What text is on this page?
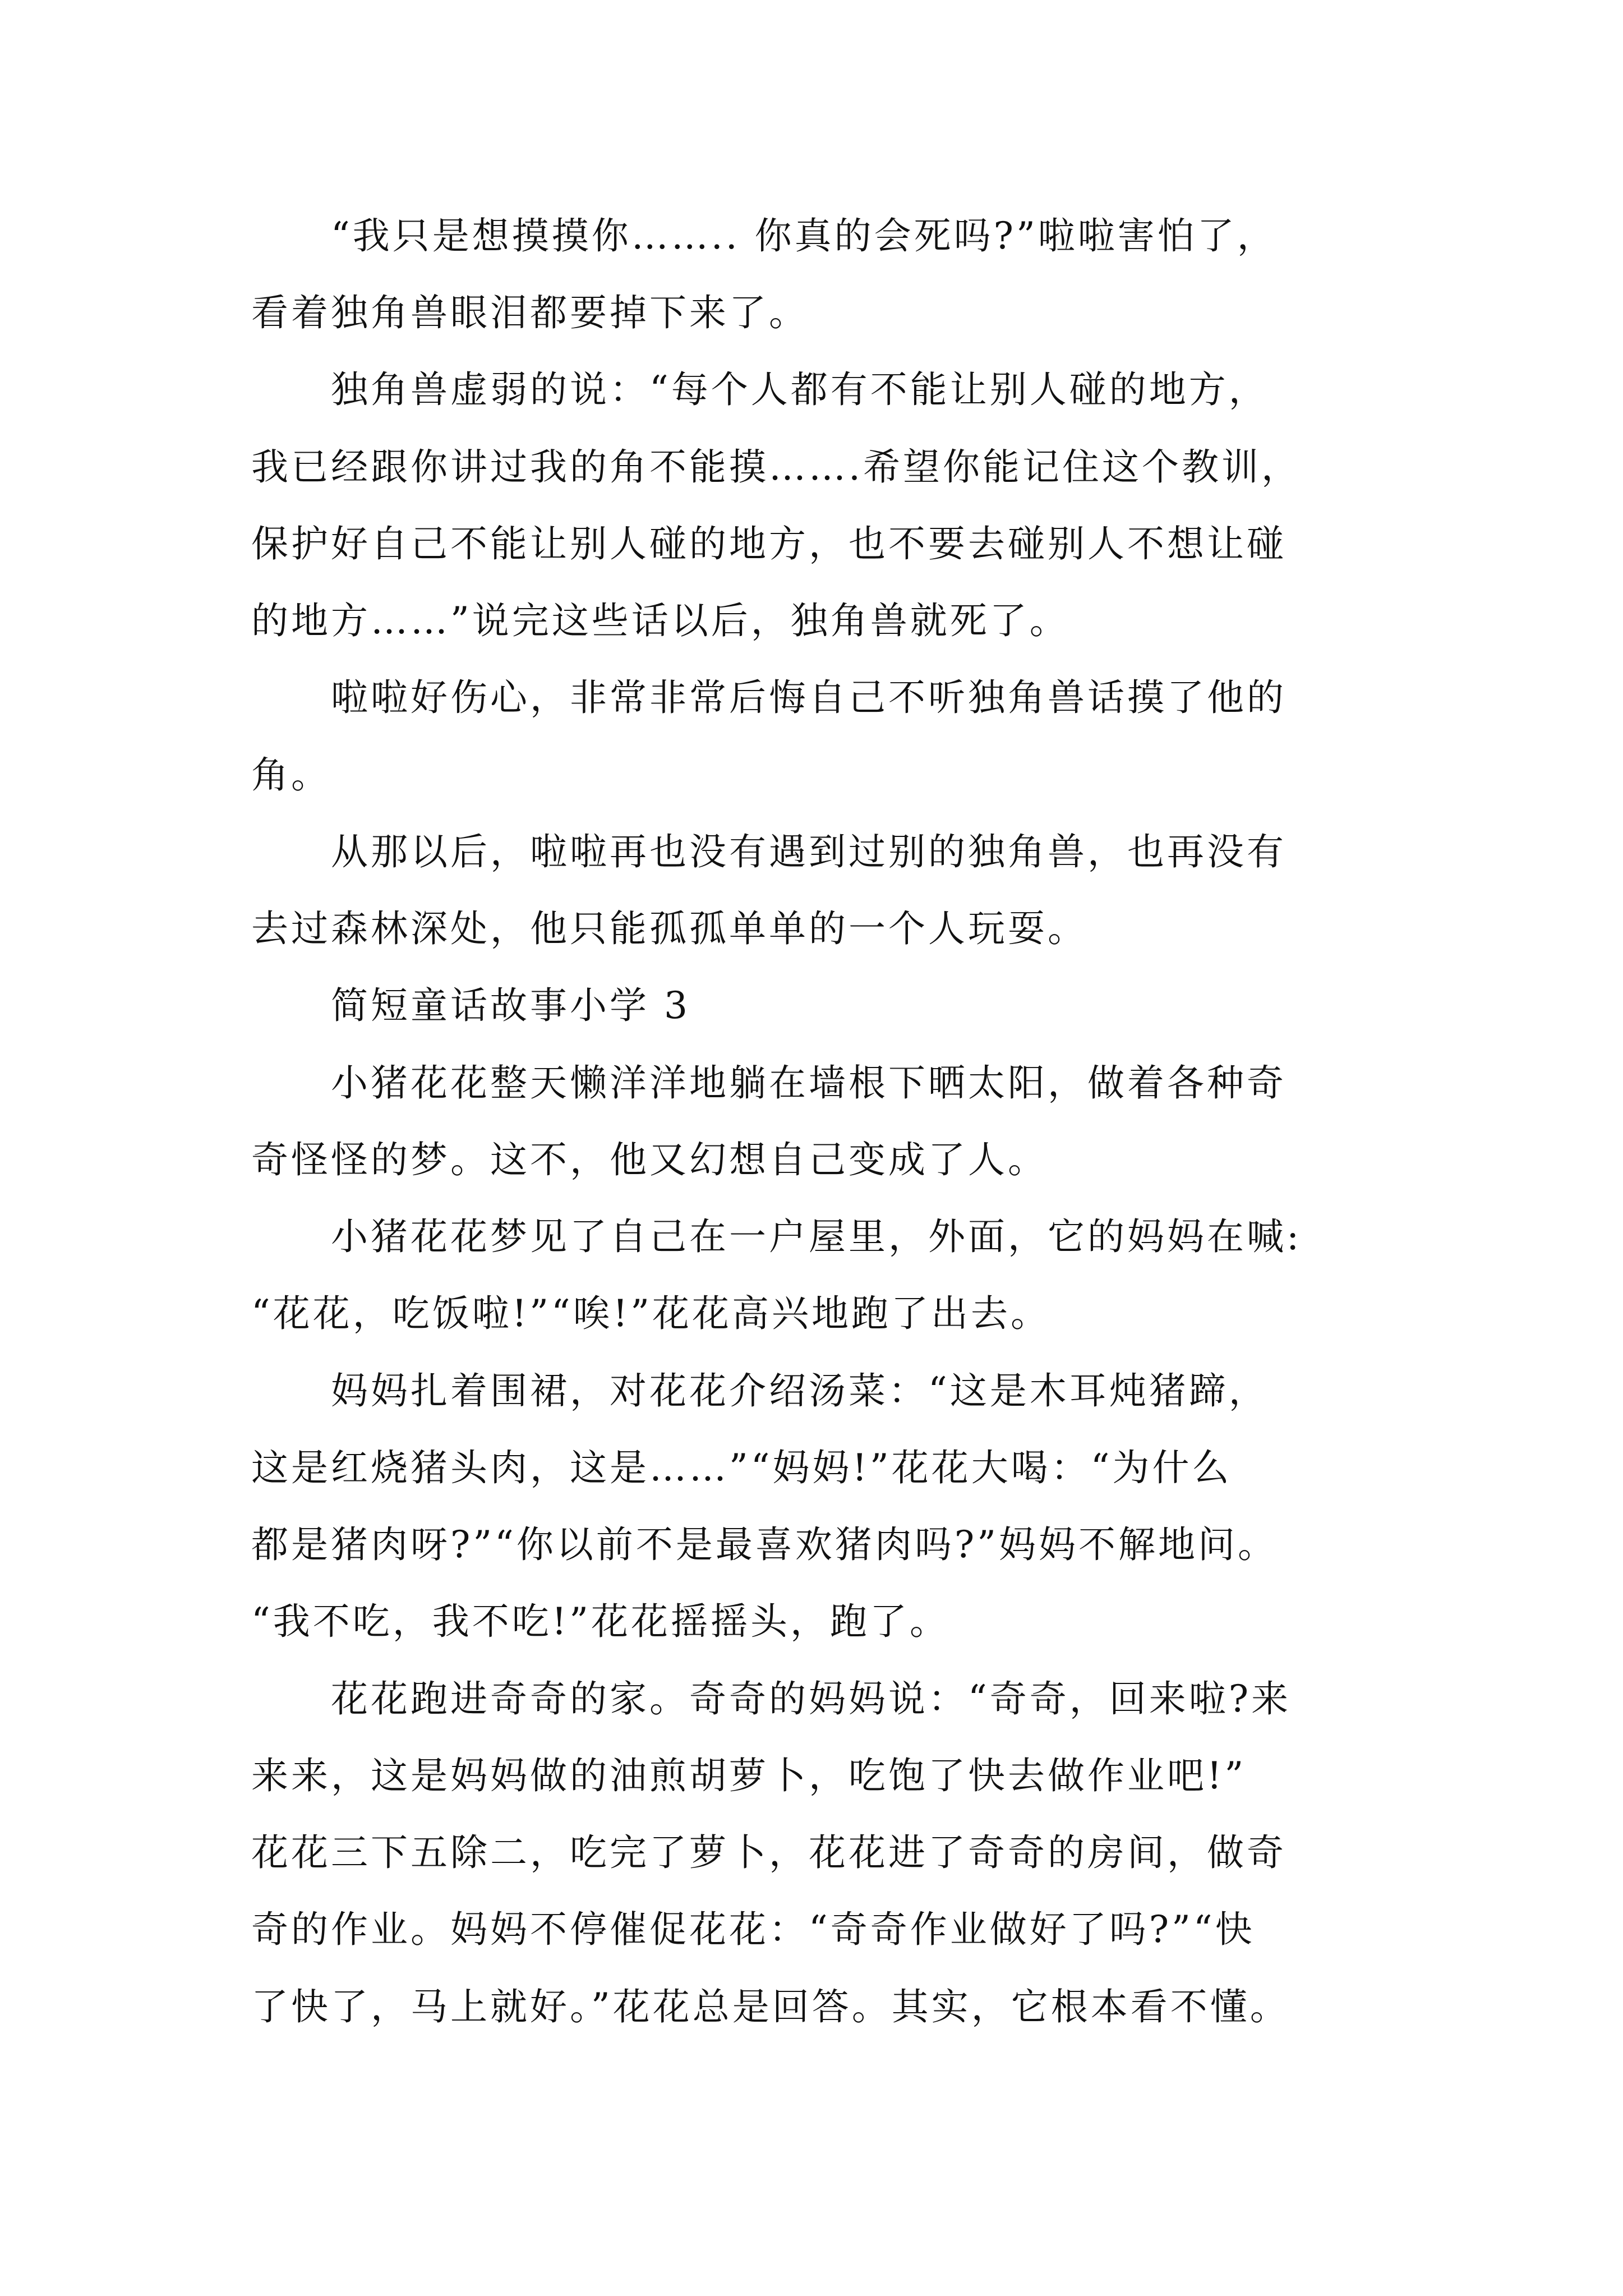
“我只是想摸摸你…….. 你真的会死吗?”啦啦害怕了，
看着独角兽眼泪都要掉下来了。
独角兽虚弱的说：“每个人都有不能让别人碰的地方，
我已经跟你讲过我的角不能摸…….希望你能记住这个教训，
保护好自己不能让别人碰的地方，也不要去碰别人不想让碰
的地方……”说完这些话以后，独角兽就死了。
啦啦好伤心，非常非常后悔自己不听独角兽话摸了他的
角。
从那以后，啦啦再也没有遇到过别的独角兽，也再没有
去过森林深处，他只能孤孤单单的一个人玩耍。
简短童话故事小学 3
小猪花花整天懒洋洋地躺在墙根下晒太阳，做着各种奇
奇怪怪的梦。这不，他又幻想自己变成了人。
小猪花花梦见了自己在一户屋里，外面，它的妈妈在喊:
“花花，吃饭啦!”“唉!”花花高兴地跑了出去。
妈妈扎着围裙，对花花介绍汤菜：“这是木耳炖猪蹄，
这是红烧猪头肉，这是……”“妈妈!”花花大喝：“为什么
都是猪肉呀?”“你以前不是最喜欢猪肉吗?”妈妈不解地问。
“我不吃，我不吃!”花花摇摇头，跑了。
花花跑进奇奇的家。奇奇的妈妈说：“奇奇，回来啦?来
来来，这是妈妈做的油煎胡萝卜，吃饱了快去做作业吧!”
花花三下五除二，吃完了萝卜，花花进了奇奇的房间，做奇
奇的作业。妈妈不停催促花花：“奇奇作业做好了吗?”“快
了快了，马上就好。”花花总是回答。其实，它根本看不懂。
